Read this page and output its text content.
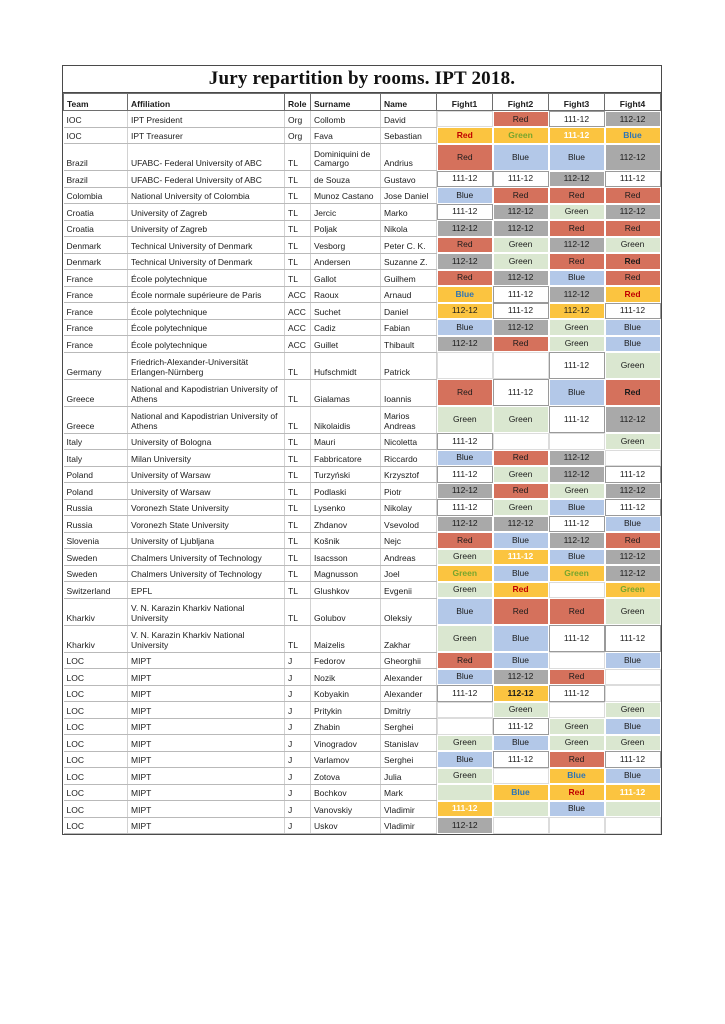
Jury repartition by rooms. IPT 2018.
Team	Affiliation	Role	Surname	Name	Fight1	Fight2	Fight3	Fight4
IOC	IPT President	Org	Collomb	David		Red	111-12	112-12
IOC	IPT Treasurer	Org	Fava	Sebastian	Red	Green	111-12	Blue
Brazil	UFABC- Federal University of ABC	TL	Dominiquini de Camargo	Andrius	Red	Blue	Blue	112-12
Brazil	UFABC- Federal University of ABC	TL	de Souza	Gustavo	111-12	111-12	112-12	111-12
Colombia	National University of Colombia	TL	Munoz Castano	Jose Daniel	Blue	Red	Red	Red
Croatia	University of Zagreb	TL	Jercic	Marko	111-12	112-12	Green	112-12
Croatia	University of Zagreb	TL	Poljak	Nikola	112-12	112-12	Red	Red
Denmark	Technical University of Denmark	TL	Vesborg	Peter C. K.	Red	Green	112-12	Green
Denmark	Technical University of Denmark	TL	Andersen	Suzanne Z.	112-12	Green	Red	Red
France	École polytechnique	TL	Gallot	Guilhem	Red	112-12	Blue	Red
France	École normale supérieure de Paris	ACC	Raoux	Arnaud	Blue	111-12	112-12	Red
France	École polytechnique	ACC	Suchet	Daniel	112-12	111-12	112-12	111-12
France	École polytechnique	ACC	Cadiz	Fabian	Blue	112-12	Green	Blue
France	École polytechnique	ACC	Guillet	Thibault	112-12	Red	Green	Blue
Germany	Friedrich-Alexander-Universität Erlangen-Nürnberg	TL	Hufschmidt	Patrick			111-12	Green
Greece	National and Kapodistrian University of Athens	TL	Gialamas	Ioannis	Red	111-12	Blue	Red
Greece	National and Kapodistrian University of Athens	TL	Nikolaidis	Marios Andreas	Green	Green	111-12	112-12
Italy	University of Bologna	TL	Mauri	Nicoletta	111-12			Green
Italy	Milan University	TL	Fabbricatore	Riccardo	Blue	Red	112-12	
Poland	University of Warsaw	TL	Turzyński	Krzysztof	111-12	Green	112-12	111-12
Poland	University of Warsaw	TL	Podlaski	Piotr	112-12	Red	Green	112-12
Russia	Voronezh State University	TL	Lysenko	Nikolay	111-12	Green	Blue	111-12
Russia	Voronezh State University	TL	Zhdanov	Vsevolod	112-12	112-12	111-12	Blue
Slovenia	University of Ljubljana	TL	Košnik	Nejc	Red	Blue	112-12	Red
Sweden	Chalmers University of Technology	TL	Isacsson	Andreas	Green	111-12	Blue	112-12
Sweden	Chalmers University of Technology	TL	Magnusson	Joel	Green	Blue	Green	112-12
Switzerland	EPFL	TL	Glushkov	Evgenii	Green	Red		Green
Kharkiv	V. N. Karazin Kharkiv National University	TL	Golubov	Oleksiy	Blue	Red	Red	Green
Kharkiv	V. N. Karazin Kharkiv National University	TL	Maizelis	Zakhar	Green	Blue	111-12	111-12
LOC	MIPT	J	Fedorov	Gheorghii	Red	Blue		Blue
LOC	MIPT	J	Nozik	Alexander	Blue	112-12	Red	
LOC	MIPT	J	Kobyakin	Alexander	111-12	112-12	111-12	
LOC	MIPT	J	Pritykin	Dmitriy		Green		Green
LOC	MIPT	J	Zhabin	Serghei		111-12	Green	Blue
LOC	MIPT	J	Vinogradov	Stanislav	Green	Blue	Green	Green
LOC	MIPT	J	Varlamov	Serghei	Blue	111-12	Red	111-12
LOC	MIPT	J	Zotova	Julia	Green		Blue	Blue
LOC	MIPT	J	Bochkov	Mark		Blue	Red	111-12
LOC	MIPT	J	Vanovskiy	Vladimir	111-12		Blue	
LOC	MIPT	J	Uskov	Vladimir	112-12			
